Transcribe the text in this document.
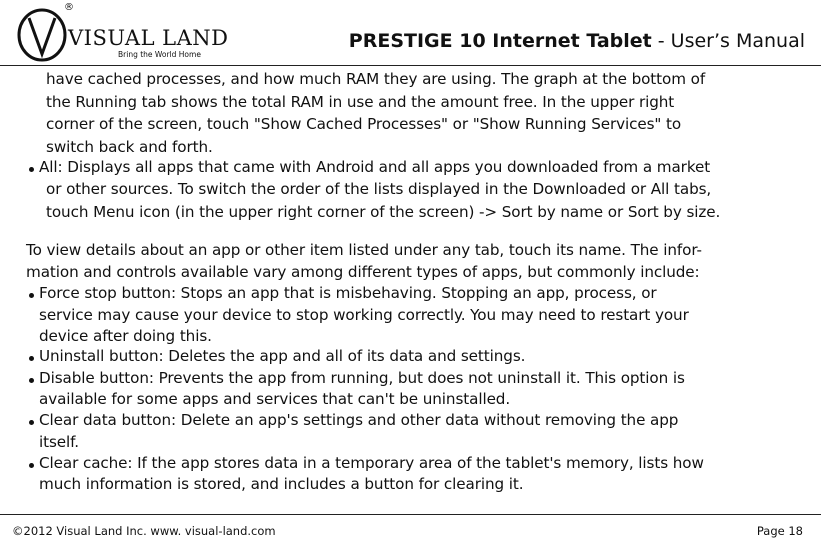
®
VISUAL LAND
Bring the World Home
PRESTIGE 10 Internet Tablet - User’s Manual
have cached processes, and how much RAM they are using. The graph at the bottom of
the Running tab shows the total RAM in use and the amount free. In the upper right
corner of the screen, touch "Show Cached Processes" or "Show Running Services" to
switch back and forth.
All: Displays all apps that came with Android and all apps you downloaded from a market
or other sources. To switch the order of the lists displayed in the Downloaded or All tabs,
touch Menu icon (in the upper right corner of the screen) -> Sort by name or Sort by size.
To view details about an app or other item listed under any tab, touch its name. The infor-
mation and controls available vary among different types of apps, but commonly include:
Force stop button: Stops an app that is misbehaving. Stopping an app, process, or
service may cause your device to stop working correctly. You may need to restart your
device after doing this.
Uninstall button: Deletes the app and all of its data and settings.
Disable button: Prevents the app from running, but does not uninstall it. This option is
available for some apps and services that can't be uninstalled.
Clear data button: Delete an app's settings and other data without removing the app
itself.
Clear cache: If the app stores data in a temporary area of the tablet's memory, lists how
much information is stored, and includes a button for clearing it.
©2012 Visual Land Inc. www. visual-land.com	Page 18
